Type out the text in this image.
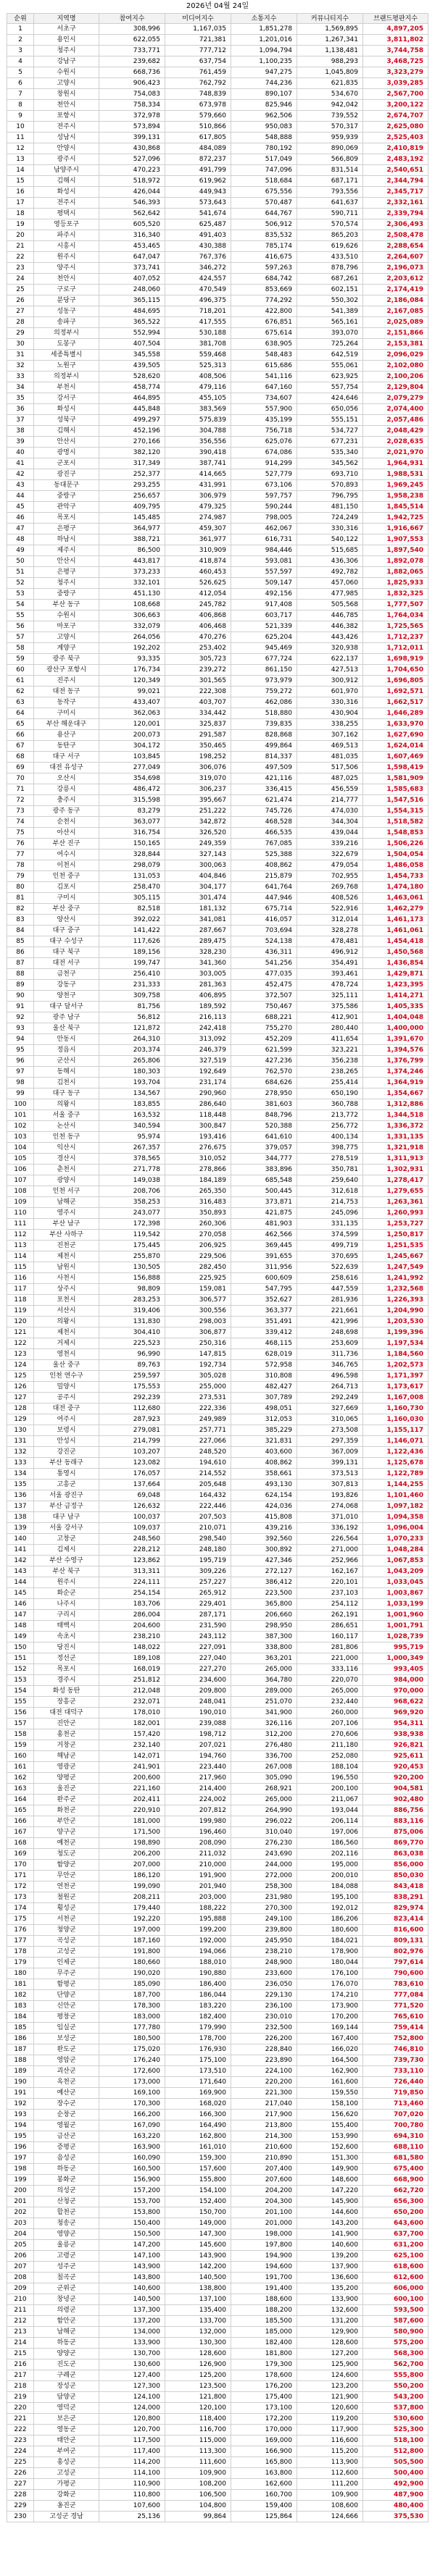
2026년 04월 24일
순위	지역명	참여지수	미디어지수	소통지수	커뮤니티지수	브랜드평판지수
1	서초구	308,996	1,167,035	1,851,278	1,569,895	4,897,205
2	용인시	622,055	721,381	1,201,016	1,267,341	3,811,802
3	청주시	733,771	777,712	1,094,794	1,138,481	3,744,758
4	강남구	239,682	637,754	1,100,235	988,293	3,468,725
5	수원시	668,736	761,459	947,275	1,045,809	3,323,279
6	고양시	906,423	762,792	744,236	621,835	3,039,285
7	창원시	754,083	748,839	890,107	534,670	2,567,700
8	천안시	758,334	673,978	825,946	942,042	3,200,122
9	포항시	372,978	579,660	962,506	739,552	2,674,707
10	전주시	573,894	510,866	950,083	570,317	2,625,080
11	성남시	399,131	617,805	548,888	959,939	2,525,403
12	안양시	430,868	484,089	780,192	890,069	2,410,819
13	광주시	527,096	872,237	517,049	566,809	2,483,192
14	남양주시	470,223	491,799	747,096	831,514	2,540,651
15	김해시	518,972	619,962	518,684	687,171	2,344,794
16	화성시	426,044	449,943	675,556	793,556	2,345,717
17	전주시	546,393	573,643	570,487	641,637	2,332,161
18	평택시	562,642	541,674	644,767	590,711	2,339,794
19	영등포구	605,520	625,487	506,912	570,574	2,306,493
20	파주시	316,340	491,403	835,532	865,203	2,508,478
21	시흥시	453,465	430,388	785,174	619,626	2,288,654
22	원주시	647,047	767,376	416,675	433,510	2,264,607
23	양주시	373,741	346,272	597,263	878,796	2,196,073
24	천안시	407,052	424,557	684,742	687,261	2,203,612
25	구로구	248,060	470,549	853,669	602,151	2,174,419
26	분당구	365,115	496,375	774,292	550,302	2,186,084
27	성동구	484,695	718,201	422,800	541,389	2,167,085
28	송파구	365,522	417,555	676,851	565,161	2,025,089
29	의정부시	552,994	530,188	675,614	393,070	2,151,866
30	도봉구	407,504	381,708	638,905	725,264	2,153,381
31	세종특별시	345,558	559,468	548,483	642,519	2,096,029
32	노원구	439,505	525,313	615,686	555,061	2,102,080
33	의정부시	528,620	408,506	541,116	623,925	2,100,206
34	부천시	458,774	479,116	647,160	557,754	2,129,804
35	강서구	464,895	455,105	734,607	424,646	2,079,279
36	화성시	445,848	383,569	557,900	650,056	2,074,400
37	성북구	499,297	575,839	435,199	555,151	2,057,486
38	김해시	452,196	304,788	756,718	534,727	2,048,429
39	안산시	270,166	356,556	625,076	677,231	2,028,635
40	광명시	382,120	390,418	674,086	535,340	2,021,970
41	군포시	317,349	387,741	914,299	345,562	1,964,931
42	광진구	252,377	414,665	527,779	693,710	1,988,531
43	동대문구	293,255	431,991	673,106	570,893	1,969,245
44	중랑구	256,657	306,979	597,757	796,795	1,958,238
45	관악구	409,795	479,325	590,244	481,150	1,845,514
46	목포시	145,485	274,987	798,005	724,249	1,942,725
47	은평구	364,977	459,307	462,067	330,316	1,916,667
48	하남시	388,721	361,977	616,731	540,122	1,907,553
49	제주시	86,500	310,909	984,446	515,685	1,897,540
50	안산시	443,817	418,874	593,081	436,306	1,892,078
51	은평구	373,233	460,453	557,597	492,782	1,882,065
52	청주시	332,101	526,625	509,147	457,060	1,825,933
53	중랑구	451,130	412,054	492,156	477,985	1,832,325
54	부산 동구	108,668	245,782	917,408	505,568	1,777,507
55	수원시	306,663	406,868	603,717	446,785	1,764,034
56	마포구	332,079	406,468	521,339	446,382	1,725,565
57	고양시	264,056	470,276	625,204	443,426	1,712,237
58	계양구	192,202	253,402	945,469	320,938	1,712,011
59	광주 북구	93,335	305,723	677,724	622,137	1,698,919
60	광산구 포항시	176,734	239,272	861,150	427,513	1,704,650
61	진주시	120,349	301,565	973,979	300,912	1,696,805
62	대전 동구	99,021	222,308	759,272	601,970	1,692,571
63	동작구	433,407	403,707	462,086	330,316	1,662,517
64	구미시	362,063	334,442	518,880	430,904	1,646,289
65	부산 해운대구	120,001	325,837	739,835	338,255	1,633,970
66	용산구	200,073	291,587	828,868	307,162	1,627,690
67	동탄구	304,172	350,465	499,864	469,513	1,624,014
68	대구 서구	103,845	198,252	814,337	481,035	1,607,469
69	대전 유성구	277,049	306,076	497,509	517,506	1,598,419
70	오산시	354,698	319,070	421,116	487,025	1,581,909
71	강릉시	486,472	306,237	336,415	456,559	1,585,683
72	충주시	315,598	395,667	621,474	214,777	1,547,516
73	광주 동구	83,279	251,222	745,726	474,030	1,554,315
74	순천시	363,077	342,872	468,528	344,304	1,518,582
75	아산시	316,754	326,520	466,535	439,044	1,548,853
76	부산 진구	150,165	249,359	767,085	339,216	1,506,226
77	여수시	328,844	327,143	525,388	322,679	1,504,054
78	이천시	298,079	300,063	408,862	479,054	1,486,058
79	인천 중구	131,053	404,846	215,879	702,955	1,454,733
80	김포시	258,470	304,177	641,764	269,768	1,474,180
81	구미시	305,115	301,474	447,946	408,526	1,463,061
82	부산 중구	82,518	181,132	675,714	522,916	1,462,279
83	양산시	392,022	341,081	416,057	312,014	1,461,173
84	대구 중구	141,422	287,667	703,694	328,278	1,461,061
85	대구 수성구	117,626	289,475	524,138	478,481	1,454,418
86	대구 북구	189,156	328,230	436,311	496,912	1,450,568
87	대전 서구	199,747	341,360	541,256	354,491	1,436,854
88	금천구	256,410	303,005	477,035	393,461	1,429,871
89	강동구	231,333	281,363	452,475	478,724	1,423,395
90	양천구	309,758	406,895	372,507	325,111	1,414,271
91	대구 달서구	81,756	189,592	750,467	375,586	1,405,335
92	광주 남구	56,812	216,113	688,221	412,901	1,404,048
93	울산 북구	121,872	242,418	755,270	280,440	1,400,000
94	안동시	264,310	313,092	452,209	411,654	1,391,670
95	정읍시	203,374	246,379	621,599	323,221	1,394,576
96	군산시	265,806	327,519	427,236	356,238	1,376,799
97	동해시	180,303	192,649	762,570	238,265	1,374,246
98	김천시	193,704	231,174	684,626	255,414	1,364,919
99	대구 동구	134,567	290,960	278,950	650,190	1,354,667
100	의왕시	183,855	286,640	381,603	360,788	1,312,886
101	서울 중구	163,532	118,448	848,796	213,772	1,344,518
102	논산시	340,594	300,847	520,388	256,772	1,336,372
103	인천 동구	95,974	193,416	641,610	400,134	1,331,135
104	익산시	267,357	276,675	379,057	398,775	1,321,918
105	경산시	378,565	310,052	344,777	278,519	1,311,913
106	춘천시	271,778	278,866	383,896	350,781	1,302,931
107	광양시	149,038	184,189	685,548	259,640	1,278,417
108	인천 서구	208,706	265,350	500,445	312,618	1,279,655
109	남해군	358,253	316,483	373,871	214,753	1,263,361
110	영주시	243,077	350,893	421,875	245,096	1,260,993
111	부산 남구	172,398	260,306	481,903	331,135	1,253,727
112	부산 사하구	119,542	270,058	462,566	374,599	1,250,817
113	진천군	175,445	206,925	369,445	499,719	1,251,535
114	제천시	255,870	229,506	391,655	370,695	1,245,667
115	남원시	130,505	282,450	311,956	522,639	1,247,549
116	사천시	156,888	225,925	600,609	258,616	1,241,992
117	상주시	98,809	159,081	547,795	447,559	1,232,568
118	포천시	283,253	306,577	352,627	281,936	1,226,393
119	서산시	319,406	300,556	363,377	221,661	1,204,990
120	의왕시	131,830	298,003	351,491	421,996	1,203,530
121	제천시	304,410	306,877	339,412	248,698	1,199,396
122	거제시	225,523	250,316	468,115	253,609	1,197,534
123	영천시	96,990	147,815	628,019	311,736	1,184,560
124	울산 중구	89,763	192,734	572,958	346,765	1,202,573
125	인천 연수구	259,597	305,028	310,808	496,598	1,171,397
126	밀양시	175,553	255,000	482,427	264,713	1,173,617
127	공주시	292,239	273,531	307,789	292,249	1,167,008
128	대전 중구	112,680	222,336	498,051	327,669	1,160,730
129	여주시	287,923	249,989	312,053	310,065	1,160,030
130	보령시	279,081	257,771	385,229	273,508	1,155,117
131	안성시	214,799	227,066	321,831	297,359	1,146,071
132	강진군	103,207	248,520	403,600	367,009	1,122,436
133	부산 동래구	123,082	194,610	408,862	399,131	1,125,678
134	통영시	176,057	214,552	358,661	373,513	1,122,789
135	고흥군	137,664	205,648	493,130	307,813	1,144,255
136	서울 광진구	69,048	164,432	624,154	193,826	1,101,460
137	부산 금정구	126,632	222,446	424,036	274,068	1,097,182
138	대구 남구	100,037	207,503	415,808	371,010	1,094,358
139	서울 강서구	109,037	210,071	439,216	336,192	1,096,004
140	고창군	248,560	298,540	392,560	226,564	1,070,233
141	김제시	228,212	248,180	300,892	271,000	1,048,284
142	부산 수영구	123,862	195,719	427,346	252,966	1,067,853
143	부산 북구	313,311	309,226	272,127	162,167	1,043,209
144	원주시	224,111	257,227	386,412	220,101	1,033,045
145	화순군	254,154	265,912	223,500	237,103	1,003,867
146	나주시	183,706	229,401	365,800	254,112	1,033,199
147	구리시	286,004	287,171	206,660	262,191	1,001,960
148	태백시	204,600	231,590	298,950	286,651	1,001,791
149	속초시	238,210	243,112	387,300	160,117	1,028,739
150	당진시	148,022	227,091	338,800	281,806	995,719
151	정선군	189,108	227,040	363,201	221,000	1,000,349
152	목포시	168,019	227,270	265,000	333,116	993,405
153	경주시	251,812	234,600	364,780	220,070	984,000
154	화성 동탄	212,048	209,800	289,000	265,000	970,000
155	장흥군	232,071	248,041	251,070	232,440	968,622
156	대전 대덕구	178,010	190,010	341,900	260,000	969,920
157	진안군	182,001	239,088	326,116	207,106	954,311
158	홍천군	157,420	198,712	312,200	270,606	938,938
159	거창군	232,140	207,021	276,480	211,180	926,821
160	해남군	142,071	194,760	336,700	252,080	925,611
161	영광군	241,901	223,440	267,008	188,104	920,453
162	양평군	200,600	217,960	305,090	196,550	920,200
163	울진군	221,160	214,400	268,921	200,100	904,581
164	완주군	202,411	224,002	265,000	211,067	902,480
165	화천군	220,910	207,812	264,990	193,044	886,756
166	부안군	181,000	199,980	296,022	206,114	883,116
167	양구군	171,500	196,460	310,040	197,006	875,006
168	예천군	198,890	208,090	276,230	186,560	869,770
169	청도군	206,200	211,032	243,690	202,116	863,038
170	함양군	207,000	210,000	244,000	195,000	856,000
171	무안군	186,120	191,900	272,000	200,010	850,030
172	연천군	199,090	201,940	258,300	184,088	843,418
173	철원군	208,211	203,000	231,980	195,100	838,291
174	횡성군	179,440	188,222	270,300	192,012	829,974
175	서천군	192,220	195,888	249,100	186,206	823,414
176	청양군	197,000	199,200	239,800	180,600	816,600
177	곡성군	187,160	192,000	245,950	184,021	809,131
178	고성군	191,800	194,066	238,210	178,900	802,976
179	인제군	180,660	188,010	248,900	180,044	797,614
180	무주군	190,020	190,880	233,600	176,100	790,600
181	함평군	185,090	186,400	236,050	176,070	783,610
182	단양군	187,700	186,044	229,130	174,210	777,084
183	신안군	178,300	183,220	236,100	173,900	771,520
184	평창군	183,000	182,400	230,010	170,200	765,610
185	임실군	177,780	179,990	232,500	169,144	759,414
186	보성군	180,500	178,700	226,200	167,400	752,800
187	완도군	175,020	176,930	228,840	166,020	746,810
188	영암군	176,240	175,100	223,890	164,500	739,730
189	괴산군	172,600	173,510	224,100	162,900	733,110
190	옥천군	173,000	171,640	220,200	161,600	726,440
191	예산군	169,100	169,900	221,300	159,550	719,850
192	장수군	170,300	168,020	217,040	158,100	713,460
193	순창군	166,200	166,300	217,900	156,620	707,020
194	영월군	167,090	164,490	213,800	155,400	700,780
195	금산군	163,220	162,800	214,300	153,990	694,310
196	증평군	163,900	161,010	210,600	152,600	688,110
197	음성군	160,090	159,300	210,890	151,300	681,580
198	하동군	160,500	157,600	207,400	149,900	675,400
199	봉화군	156,900	155,800	207,600	148,600	668,900
200	의성군	157,200	154,100	204,200	147,220	662,720
201	산청군	153,700	152,400	204,300	145,900	656,300
202	합천군	153,800	150,700	201,100	144,600	650,200
203	청송군	150,400	149,000	201,000	143,200	643,600
204	영양군	150,500	147,300	198,000	141,900	637,700
205	울릉군	147,200	145,600	197,800	140,600	631,200
206	고령군	147,100	143,900	194,900	139,200	625,100
207	성주군	143,900	142,200	194,600	137,900	618,600
208	칠곡군	143,800	140,500	191,700	136,600	612,600
209	군위군	140,600	138,800	191,400	135,200	606,000
210	창녕군	140,500	137,100	188,600	133,900	600,100
211	의령군	137,300	135,400	188,200	132,600	593,500
212	함안군	137,200	133,700	185,500	131,200	587,600
213	남해군	134,000	132,000	185,000	129,900	580,900
214	하동군	133,900	130,300	182,400	128,600	575,200
215	양양군	130,700	128,600	181,800	127,200	568,300
216	진도군	130,600	126,900	179,300	125,900	562,700
217	구례군	127,400	125,200	178,600	124,600	555,800
218	장성군	127,300	123,500	176,200	123,200	550,200
219	담양군	124,100	121,800	175,400	121,900	543,200
220	영덕군	124,000	120,100	173,100	120,600	537,800
221	보은군	120,800	118,400	172,200	119,200	530,600
222	영동군	120,700	116,700	170,000	117,900	525,300
223	태안군	117,500	115,000	169,000	116,600	518,100
224	부여군	117,400	113,300	166,900	115,200	512,800
225	홍성군	114,200	111,600	165,800	113,900	505,500
226	고성군	114,100	109,900	163,800	112,600	500,400
227	가평군	110,900	108,200	162,600	111,200	492,900
228	강화군	110,800	106,500	160,700	109,900	487,900
229	옹진군	107,600	104,800	159,400	108,600	480,400
230	고성군 경남	25,136	99,864	125,864	124,666	375,530
